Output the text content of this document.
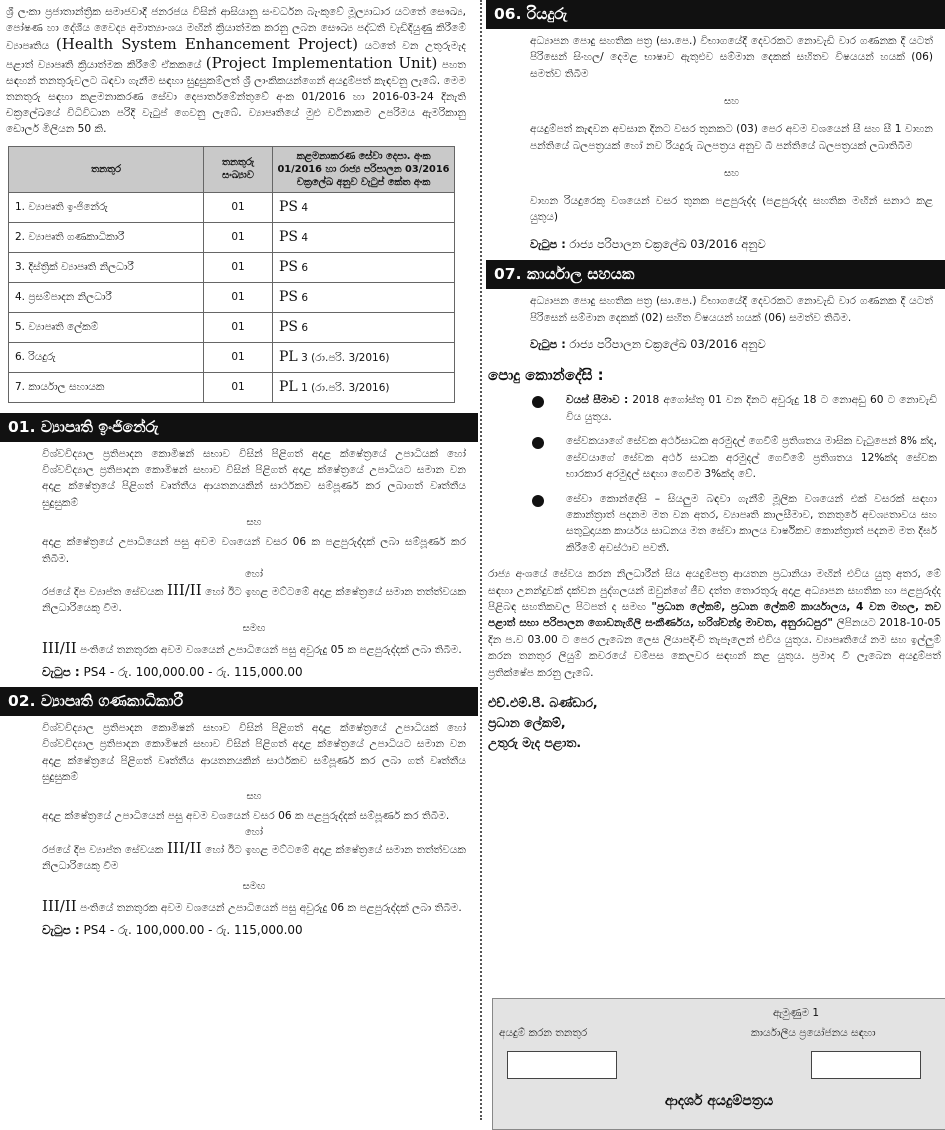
ශ්‍රී ලංකා ප්‍රජාතාන්ත්‍රික සමාජවාදී ජනරජය විසින් ආසියානු සංවර්ධන බැංකුවේ මූල්‍යාධාර යටතේ සෞඛ්‍ය, පෝෂණ හා දේශීය වෛද්‍ය අමාත්‍යාංශය මඟින් ක්‍රියාත්මක කරනු ලබන සෞඛ්‍ය පද්ධති වැඩිදියුණු කිරීමේ ව්‍යාපෘතිය (Health System Enhancement Project) යටතේ වන උතුරුමැද පළාත් ව්‍යාපෘති ක්‍රියාත්මක කිරීමේ ඒකකයේ (Project Implementation Unit) පහත සඳහන් තනතුරුවලට බඳවා ගැනීම සඳහා සුදුසුකම්ලත් ශ්‍රී ලාංකිකයන්ගෙන් අයදුම්පත් කැඳවනු ලැබේ. මෙම තනතුරු සඳහා කළමනාකරණ සේවා දෙපාර්තමේන්තුවේ අංක 01/2016 හා 2016-03-24 දිනැති චක්‍රලේඛයේ විධිවිධාන පරිදි වැටුප් ගෙවනු ලැබේ. ව්‍යාපෘතියේ මුළු වටිනාකම උපරිමය ඇමරිකානු ඩොලර් මිලියන 50 කි.

තනතුර	තනතුරු සංඛ්‍යාව	කළමනාකරණ සේවා දෙපා. අංක 01/2016 හා රාජ්‍ය පරිපාලන 03/2016 චක්‍රලේඛ අනුව වැටුප් කේත අංක
1. ව්‍යාපෘති ඉංජිනේරු	01	PS 4
2. ව්‍යාපෘති ගණකාධිකාරී	01	PS 4
3. දිස්ත්‍රික් ව්‍යාපෘති නිලධාරී	01	PS 6
4. ප්‍රසම්පාදන නිලධාරී	01	PS 6
5. ව්‍යාපෘති ලේකම්	01	PS 6
6. රියදුරු	01	PL 3 (රා.පරි. 3/2016)
7. කාර්යාල සහායක	01	PL 1 (රා.පරි. 3/2016)
01. ව්‍යාපෘති ඉංජිනේරු

විශ්වවිද්‍යාල ප්‍රතිපාදන කොමිෂන් සභාව විසින් පිළිගත් අදාළ ක්ෂේත්‍රයේ උපාධියක් හෝ විශ්වවිද්‍යාල ප්‍රතිපාදන කොමිෂන් සභාව විසින් පිළිගත් අදාළ ක්ෂේත්‍රයේ උපාධියට සමාන වන අදාළ ක්ෂේත්‍රයේ පිළිගත් වෘත්තීය ආයතනයකින් සාර්ථකව සම්පූර්ණ කර ලබාගත් වෘත්තීය සුදුසුකම්

සහ

අදාළ ක්ෂේත්‍රයේ උපාධියෙන් පසු අවම වශයෙන් වසර 06 ක පළපුරුද්දක් ලබා සම්පූර්ණ කර තිබීම.

හෝ

රජයේ දිප ව්‍යාප්ත සේවයක III/II හෝ ඊට ඉහළ මට්ටමේ අදාළ ක්ෂේත්‍රයේ සමාන තත්ත්වයක නිලධාරියෙකු වීම.

සමඟ

III/II පංතියේ තනතුරක අවම වශයෙන් උපාධියෙන් පසු අවුරුදු 05 ක පළපුරුද්දක් ලබා තිබීම.

වැටුප : PS4 - රු. 100,000.00 - රු. 115,000.00

02. ව්‍යාපෘති ගණකාධිකාරී

විශ්වවිද්‍යාල ප්‍රතිපාදන කොමිෂන් සභාව විසින් පිළිගත් අදාළ ක්ෂේත්‍රයේ උපාධියක් හෝ විශ්වවිද්‍යාල ප්‍රතිපාදන කොමිෂන් සභාව විසින් පිළිගත් අදාළ ක්ෂේත්‍රයේ උපාධියට සමාන වන අදාළ ක්ෂේත්‍රයේ පිළිගත් වෘත්තීය ආයතනයකින් සාර්ථකව සම්පූර්ණ කර ලබා ගත් වෘත්තීය සුදුසුකම්

සහ

අදාළ ක්ෂේත්‍රයේ උපාධියෙන් පසු අවම වශයෙන් වසර 06 ක පළපුරුද්දක් සම්පූර්ණ කර තිබීම.

හෝ

රජයේ දිප ව්‍යාප්ත සේවයක III/II හෝ ඊට ඉහළ මට්ටමේ අදාළ ක්ෂේත්‍රයේ සමාන තත්ත්වයක නිලධාරියෙකු වීම

සමඟ

III/II පංතියේ තනතුරක අවම වශයෙන් උපාධියෙන් පසු අවුරුදු 06 ක පළපුරුද්දක් ලබා තිබීම.

වැටුප : PS4 - රු. 100,000.00 - රු. 115,000.00

06. රියදුරු

අධ්‍යාපන පොදු සහතික පත්‍ර (සා.පෙ.) විභාගයේදී දෙවරකට නොවැඩි වාර ගණනක දී යටත් පිරිසෙන් සිංහල/ දෙමළ භාෂාව ඇතුළුව සම්මාන දෙකක් සහිතව විෂයයන් හයක් (06) සමත්ව තිබීම

සහ

අයදුම්පත් කැඳවන අවසාන දිනට වසර තුනකට (03) පෙර අවම වශයෙන් සී සහ සී 1 වාහන පන්තියේ බලපත්‍රයක් හෝ නව රියදුරු බලපත්‍රය අනුව බී පන්තියේ බලපත්‍රයක් ලබාතිබීම

සහ

වාහන රියදුරෙකු වශයෙන් වසර තුනක පළපුරුද්ද (පළපුරුද්ද සහතික මඟින් සනාථ කළ යුතුය)

වැටුප : රාජ්‍ය පරිපාලන චක්‍රලේඛ 03/2016 අනුව

07. කාර්යාල සහයක

අධ්‍යාපන පොදු සහතික පත්‍ර (සා.පෙ.) විභාගයේදී දෙවරකට නොවැඩි වාර ගණනක දී යටත් පිරිසෙන් සම්මාන දෙකක් (02) සහිත විෂයයන් හයක් (06) සමත්ව තිබීම.

වැටුප : රාජ්‍ය පරිපාලන චක්‍රලේඛ 03/2016 අනුව

පොදු කොන්දේසි :
වයස් සීමාව : 2018 අගෝස්තු 01 වන දිනට අවුරුදු 18 ට නොඅඩු 60 ට නොවැඩි විය යුතුය.
සේවකයාගේ සේවක අර්ථසාධක අරමුදල් ගෙවීම් ප්‍රතිශතය මාසික වැටුපෙන් 8% ක්ද, සේවයාගේ සේවක අර්ථ සාධක අරමුදල් ගෙවීමේ ප්‍රතිශතය 12%ක්ද සේවක භාරකාර අරමුදල් සඳහා ගෙවීම 3%ක්ද වේ.
සේවා කොන්දේසි – සියලුම බඳවා ගැනීම් මූලික වශයෙන් එක් වසරක් සඳහා කොන්ත්‍රාත් පදනම මත වන අතර, ව්‍යාපෘති කාලසීමාව, තනතුරේ අවශ්‍යතාවය සහ සතුටුදායක කාර්යය සාධනය මත සේවා කාලය වාර්ෂිකව කොන්ත්‍රාත් පදනම මත දීර්ඝ කිරීමේ අවස්ථාව පවතී.

රාජ්‍ය අංශයේ සේවය කරන නිලධාරීන් සිය අයදුම්පත්‍ර ආයතන ප්‍රධානියා මඟින් එවිය යුතු අතර, මේ සඳහා උනන්දුවක් දක්වන පුද්ගලයන් ඔවුන්ගේ ජීව දත්ත තොරතුරු අදාළ අධ්‍යාපන සහතික හා පළපුරුද්ද පිළිබඳ සහතිකවල පිටපත් ද සමඟ "ප්‍රධාන ලේකම්, ප්‍රධාන ලේකම් කාර්යාලය, 4 වන මහල, නව පළාත් සභා පරිපාලන ගොඩනැගිලි සංකීර්ණය, හරිශ්චන්ද්‍ර මාවත, අනුරාධපුර" ලිපිනයට 2018-10-05 දින ප.ව 03.00 ට පෙර ලැබෙන ලෙස ලියාපදිංචි තැපෑලෙන් එවිය යුතුය. ව්‍යාපෘතියේ නම සහ ඉල්ලුම් කරන තනතුර ලියුම් කවරයේ වම්පස කෙලවර සඳහන් කළ යුතුය. ප්‍රමාද වී ලැබෙන අයදුම්පත් ප්‍රතික්ෂේප කරනු ලැබේ.

එච්.එම්.පී. බණ්ඩාර,

ප්‍රධාන ලේකම්,

උතුරු මැද පළාත.

ඇමුණුම 1
අයදුම් කරන තනතුර	කාර්යාලීය ප්‍රයෝජනය සඳහා
ආදර්ශ අයදුම්පත්‍රය
